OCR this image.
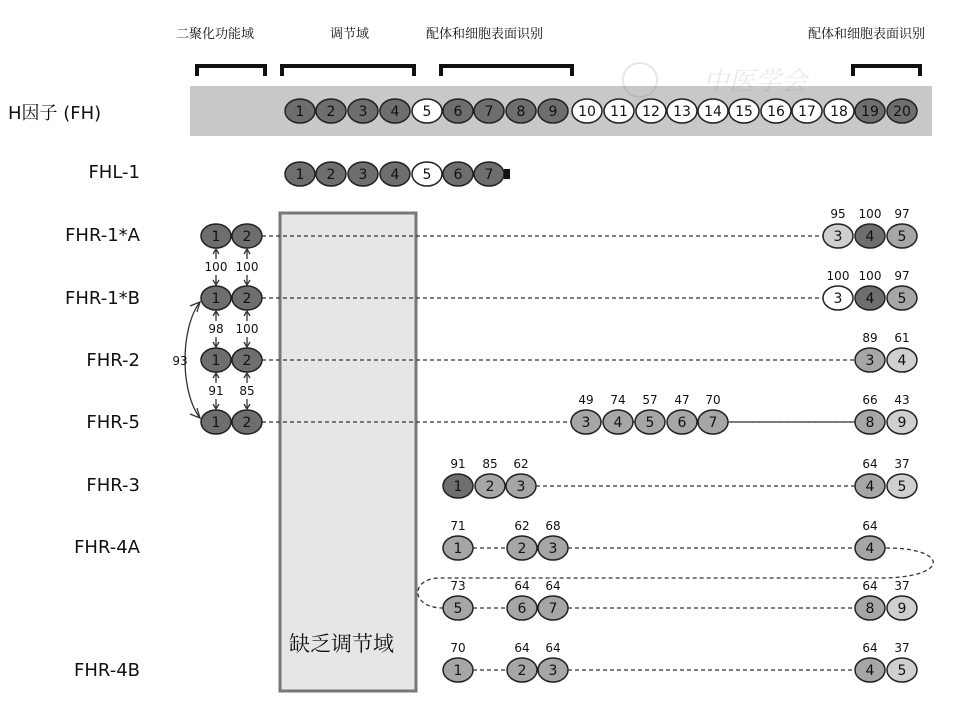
中医学会
1 2 3 4 5 6 7 8 9 10 11 12 13 14 15 16 17 18 19 20
1 2 3 4 5 6 7
1 2	3
95
4
100
5
97
1 2	3
100
4
100
5
97
1 2	3
89
4
61
1 2	3
49
4
74
5
57
6
47
7
70
8
66
9
43
100 100
98 100
91 85
93
1
91
2
85
3
62
4
64
5
37
1
71
2
62
3
68
4
64
5
73
6
64
7
64
8
64
9
37
1
70
2
64
3
64
4
64
5
37
二聚化功能域	调节域	配体和细胞表面识别	配体和细胞表面识别
H因子 (FH)
FHL-1
FHR-1*A
FHR-1*B
FHR-2
FHR-5
FHR-3
FHR-4A
FHR-4B
缺乏调节域
